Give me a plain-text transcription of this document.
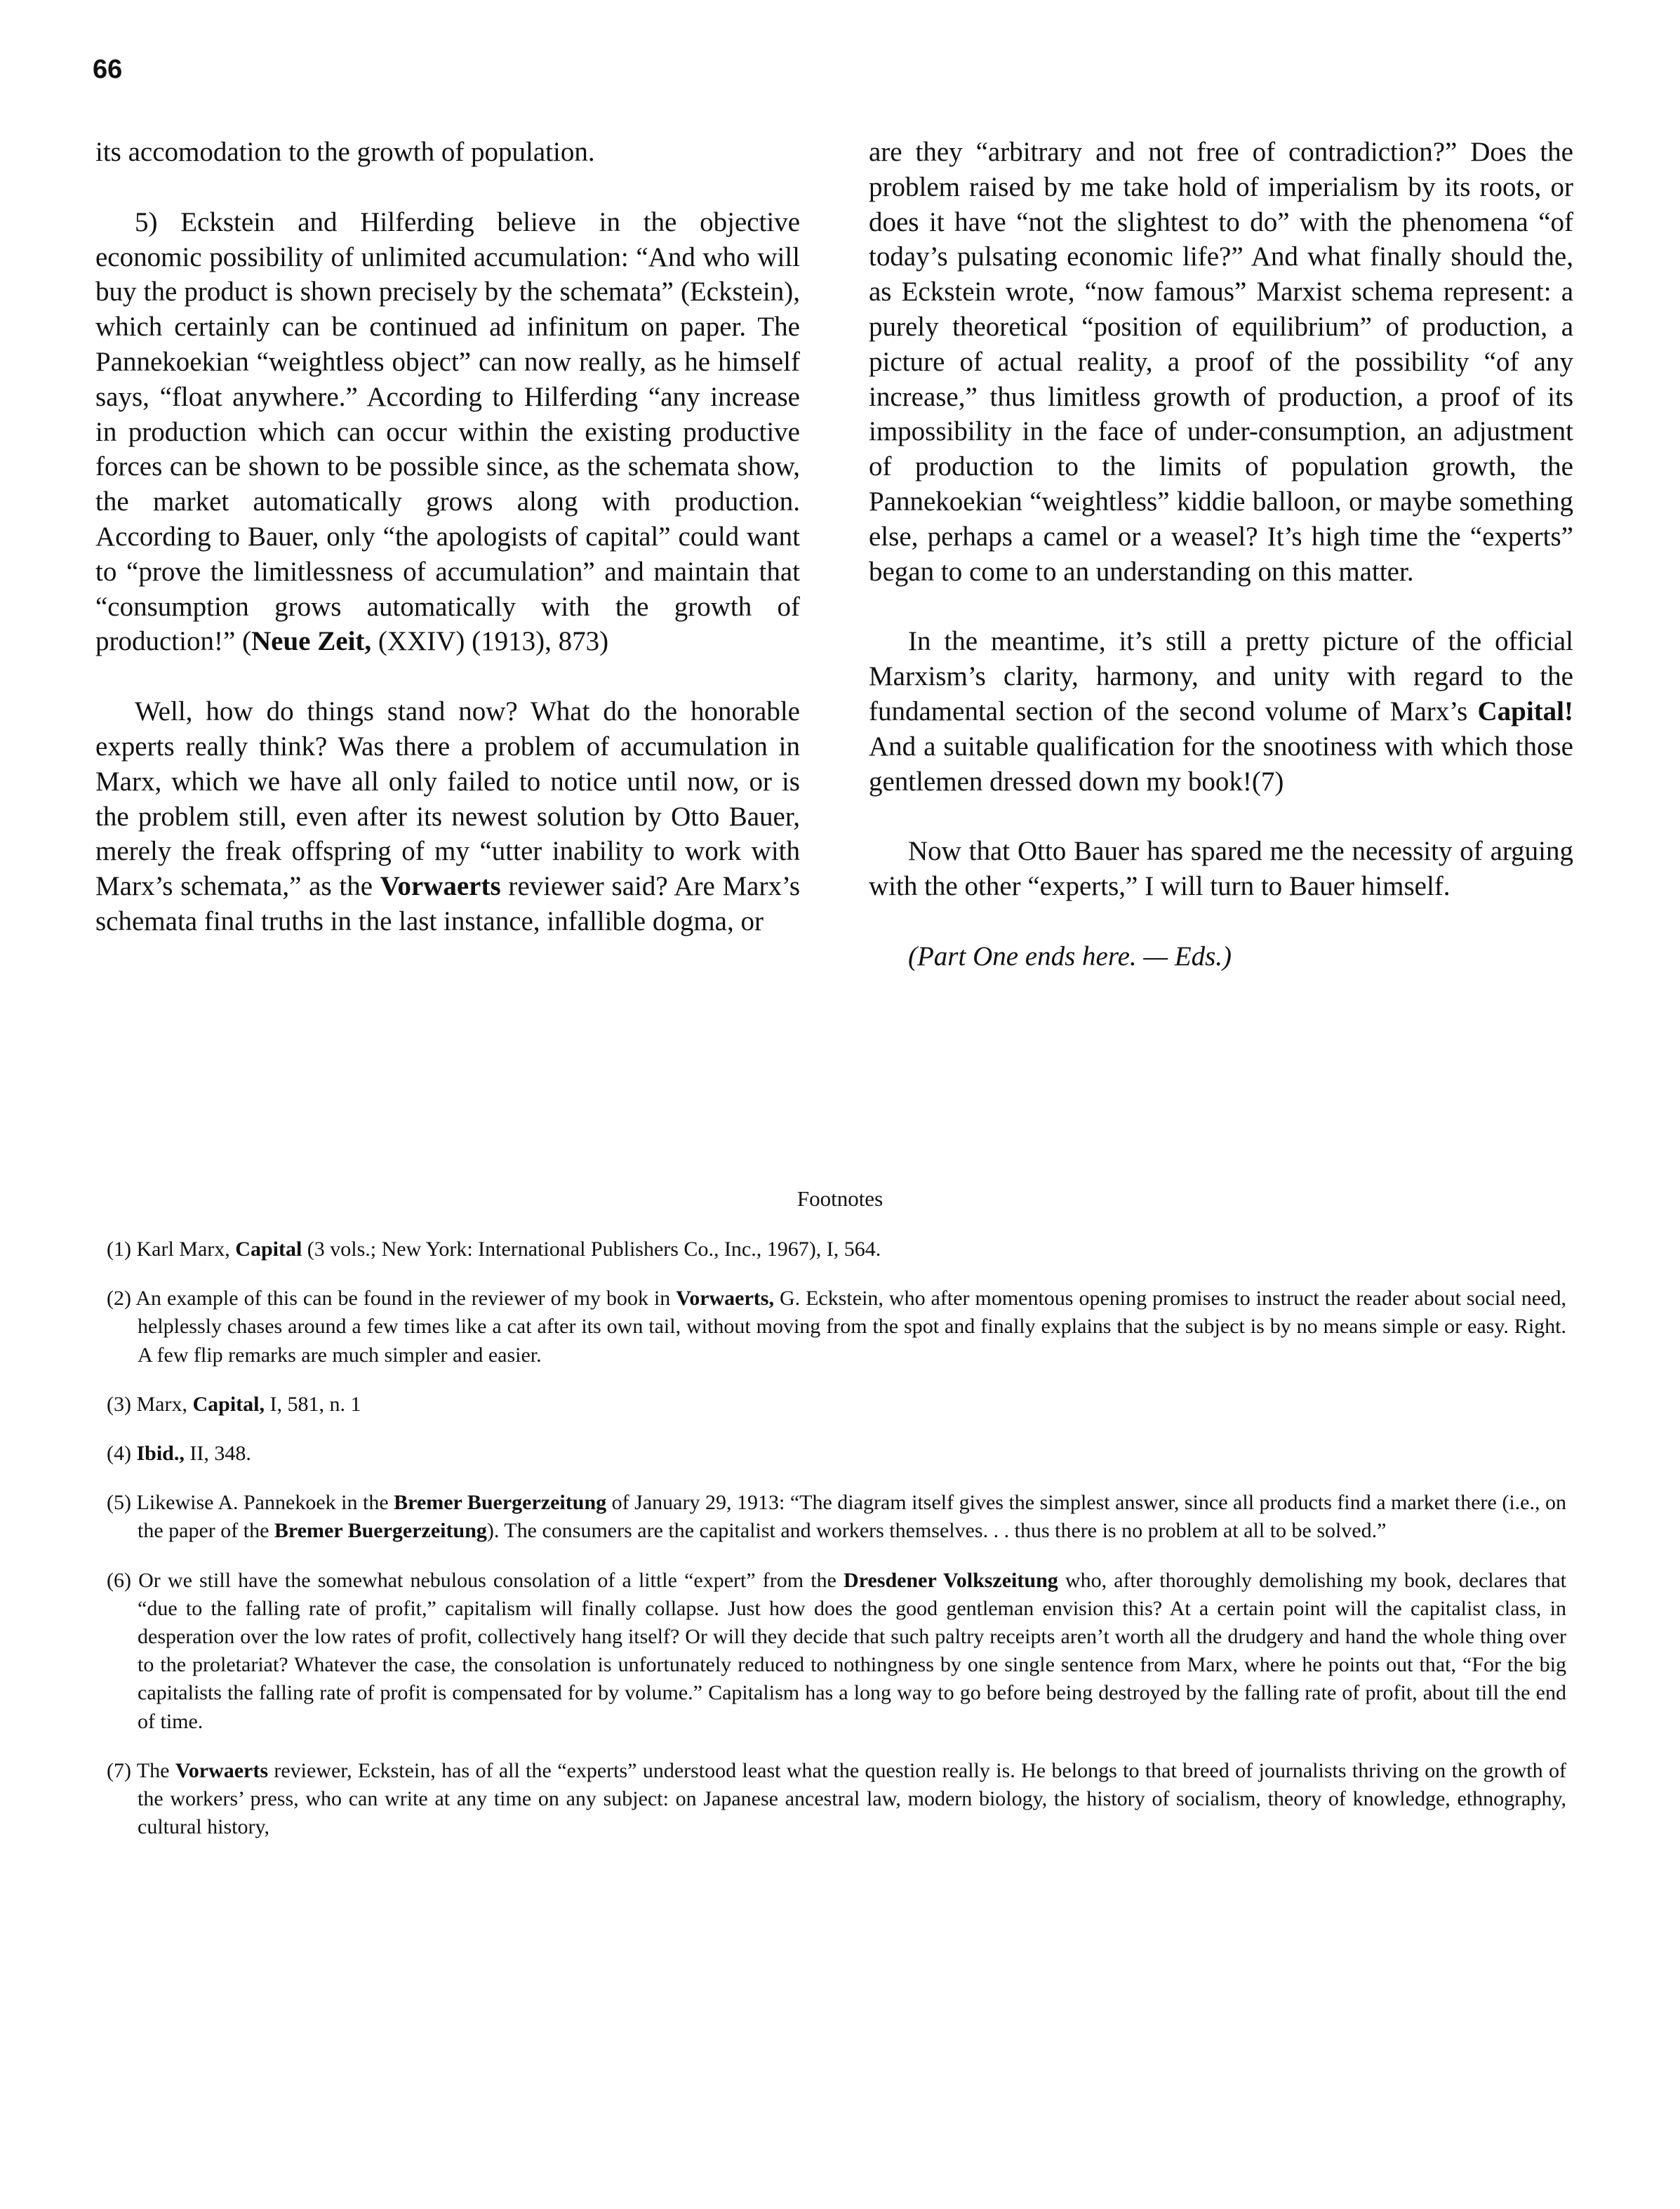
66

its accomodation to the growth of population.

5) Eckstein and Hilferding believe in the objective economic possibility of unlimited accumulation: “And who will buy the product is shown precisely by the schemata” (Eckstein), which certainly can be continued ad infinitum on paper. The Pannekoekian “weightless object” can now really, as he himself says, “float anywhere.” According to Hilferding “any increase in production which can occur within the existing productive forces can be shown to be possible since, as the schemata show, the market automatically grows along with production. According to Bauer, only “the apologists of capital” could want to “prove the limitlessness of accumulation” and maintain that “consumption grows automatically with the growth of production!” (Neue Zeit, (XXIV) (1913), 873)

Well, how do things stand now? What do the honorable experts really think? Was there a problem of accumulation in Marx, which we have all only failed to notice until now, or is the problem still, even after its newest solution by Otto Bauer, merely the freak offspring of my “utter inability to work with Marx’s schemata,” as the Vorwaerts reviewer said? Are Marx’s schemata final truths in the last instance, infallible dogma, or

are they “arbitrary and not free of contradiction?” Does the problem raised by me take hold of imperialism by its roots, or does it have “not the slightest to do” with the phenomena “of today’s pulsating economic life?” And what finally should the, as Eckstein wrote, “now famous” Marxist schema represent: a purely theoretical “position of equilibrium” of production, a picture of actual reality, a proof of the possibility “of any increase,” thus limitless growth of production, a proof of its impossibility in the face of under-consumption, an adjustment of production to the limits of population growth, the Pannekoekian “weightless” kiddie balloon, or maybe something else, perhaps a camel or a weasel? It’s high time the “experts” began to come to an understanding on this matter.

In the meantime, it’s still a pretty picture of the official Marxism’s clarity, harmony, and unity with regard to the fundamental section of the second volume of Marx’s Capital! And a suitable qualification for the snootiness with which those gentlemen dressed down my book!(7)

Now that Otto Bauer has spared me the necessity of arguing with the other “experts,” I will turn to Bauer himself.

(Part One ends here. — Eds.)

Footnotes

(1) Karl Marx, Capital (3 vols.; New York: International Publishers Co., Inc., 1967), I, 564.

(2) An example of this can be found in the reviewer of my book in Vorwaerts, G. Eckstein, who after momentous opening promises to instruct the reader about social need, helplessly chases around a few times like a cat after its own tail, without moving from the spot and finally explains that the subject is by no means simple or easy. Right. A few flip remarks are much simpler and easier.

(3) Marx, Capital, I, 581, n. 1

(4) Ibid., II, 348.

(5) Likewise A. Pannekoek in the Bremer Buergerzeitung of January 29, 1913: “The diagram itself gives the simplest answer, since all products find a market there (i.e., on the paper of the Bremer Buergerzeitung). The consumers are the capitalist and workers themselves. . . thus there is no problem at all to be solved.”

(6) Or we still have the somewhat nebulous consolation of a little “expert” from the Dresdener Volkszeitung who, after thoroughly demolishing my book, declares that “due to the falling rate of profit,” capitalism will finally collapse. Just how does the good gentleman envision this? At a certain point will the capitalist class, in desperation over the low rates of profit, collectively hang itself? Or will they decide that such paltry receipts aren’t worth all the drudgery and hand the whole thing over to the proletariat? Whatever the case, the consolation is unfortunately reduced to nothingness by one single sentence from Marx, where he points out that, “For the big capitalists the falling rate of profit is compensated for by volume.” Capitalism has a long way to go before being destroyed by the falling rate of profit, about till the end of time.

(7) The Vorwaerts reviewer, Eckstein, has of all the “experts” understood least what the question really is. He belongs to that breed of journalists thriving on the growth of the workers’ press, who can write at any time on any subject: on Japanese ancestral law, modern biology, the history of socialism, theory of knowledge, ethnography, cultural history,
